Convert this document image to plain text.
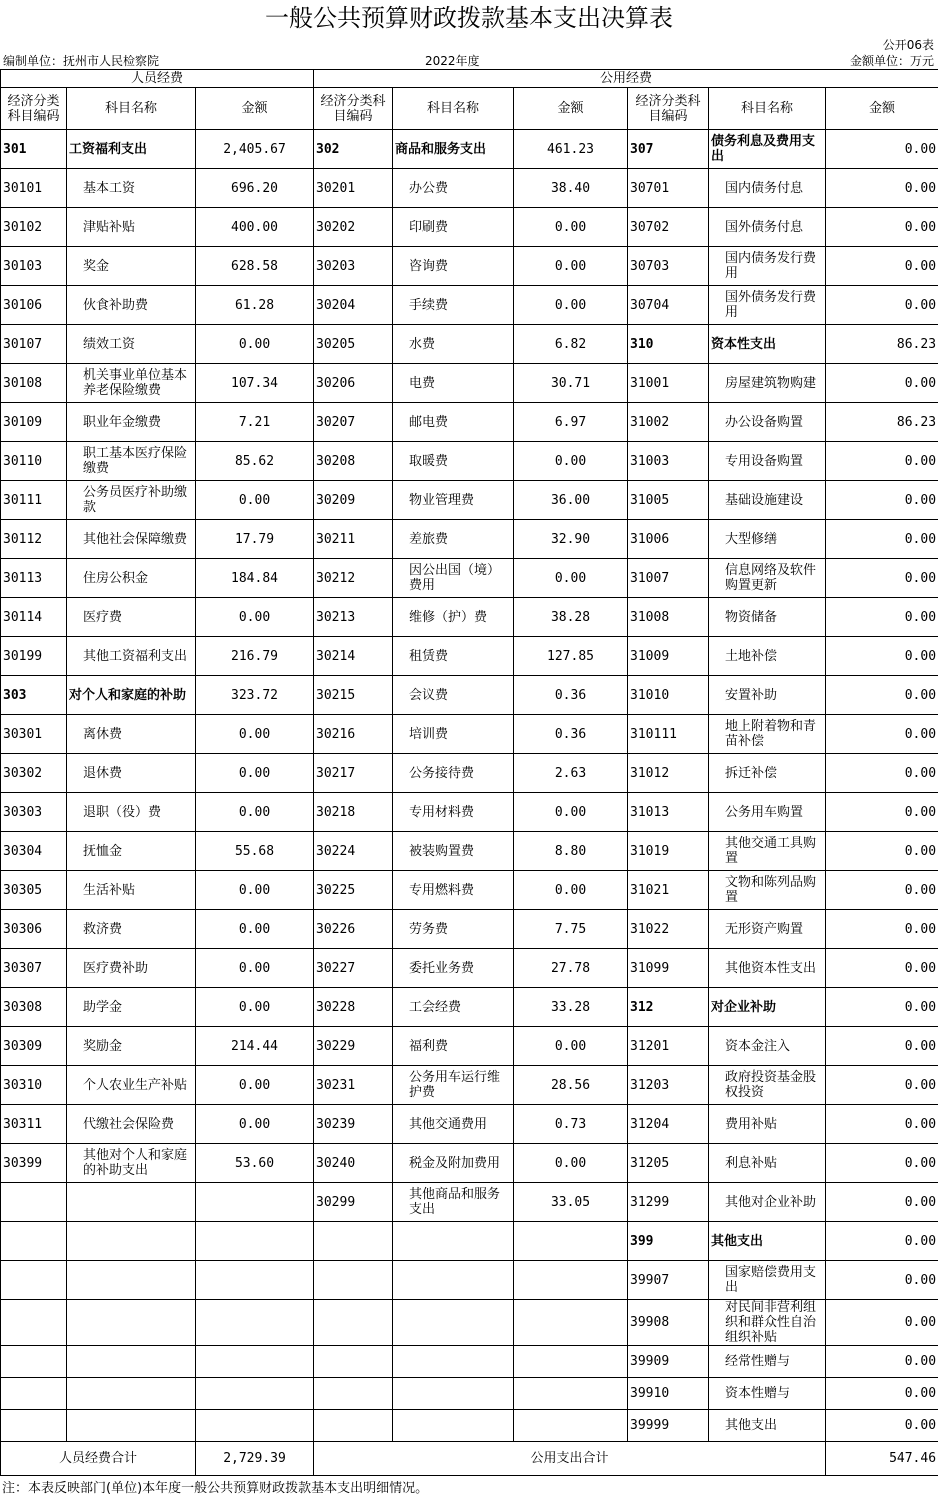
一般公共预算财政拨款基本支出决算表
公开06表
编制单位：抚州市人民检察院	2022年度	金额单位：万元
人员经费			公用经费					
经济分类科目编码	科目名称	金额	经济分类科目编码	科目名称	金额	经济分类科目编码	科目名称	金额
301	工资福利支出	2,405.67	302	商品和服务支出	461.23	307	债务利息及费用支出	0.00
30101	基本工资	696.20	30201	办公费	38.40	30701	国内债务付息	0.00
30102	津贴补贴	400.00	30202	印刷费	0.00	30702	国外债务付息	0.00
30103	奖金	628.58	30203	咨询费	0.00	30703	国内债务发行费用	0.00
30106	伙食补助费	61.28	30204	手续费	0.00	30704	国外债务发行费用	0.00
30107	绩效工资	0.00	30205	水费	6.82	310	资本性支出	86.23
30108	机关事业单位基本养老保险缴费	107.34	30206	电费	30.71	31001	房屋建筑物购建	0.00
30109	职业年金缴费	7.21	30207	邮电费	6.97	31002	办公设备购置	86.23
30110	职工基本医疗保险缴费	85.62	30208	取暖费	0.00	31003	专用设备购置	0.00
30111	公务员医疗补助缴款	0.00	30209	物业管理费	36.00	31005	基础设施建设	0.00
30112	其他社会保障缴费	17.79	30211	差旅费	32.90	31006	大型修缮	0.00
30113	住房公积金	184.84	30212	因公出国（境）费用	0.00	31007	信息网络及软件购置更新	0.00
30114	医疗费	0.00	30213	维修（护）费	38.28	31008	物资储备	0.00
30199	其他工资福利支出	216.79	30214	租赁费	127.85	31009	土地补偿	0.00
303	对个人和家庭的补助	323.72	30215	会议费	0.36	31010	安置补助	0.00
30301	离休费	0.00	30216	培训费	0.36	310111	地上附着物和青苗补偿	0.00
30302	退休费	0.00	30217	公务接待费	2.63	31012	拆迁补偿	0.00
30303	退职（役）费	0.00	30218	专用材料费	0.00	31013	公务用车购置	0.00
30304	抚恤金	55.68	30224	被装购置费	8.80	31019	其他交通工具购置	0.00
30305	生活补贴	0.00	30225	专用燃料费	0.00	31021	文物和陈列品购置	0.00
30306	救济费	0.00	30226	劳务费	7.75	31022	无形资产购置	0.00
30307	医疗费补助	0.00	30227	委托业务费	27.78	31099	其他资本性支出	0.00
30308	助学金	0.00	30228	工会经费	33.28	312	对企业补助	0.00
30309	奖励金	214.44	30229	福利费	0.00	31201	资本金注入	0.00
30310	个人农业生产补贴	0.00	30231	公务用车运行维护费	28.56	31203	政府投资基金股权投资	0.00
30311	代缴社会保险费	0.00	30239	其他交通费用	0.73	31204	费用补贴	0.00
30399	其他对个人和家庭的补助支出	53.60	30240	税金及附加费用	0.00	31205	利息补贴	0.00
			30299	其他商品和服务支出	33.05	31299	其他对企业补助	0.00
						399	其他支出	0.00
						39907	国家赔偿费用支出	0.00
						39908	对民间非营利组织和群众性自治组织补贴	0.00
						39909	经常性赠与	0.00
						39910	资本性赠与	0.00
						39999	其他支出	0.00
人员经费合计		2,729.39	公用支出合计					547.46
注：本表反映部门(单位)本年度一般公共预算财政拨款基本支出明细情况。
